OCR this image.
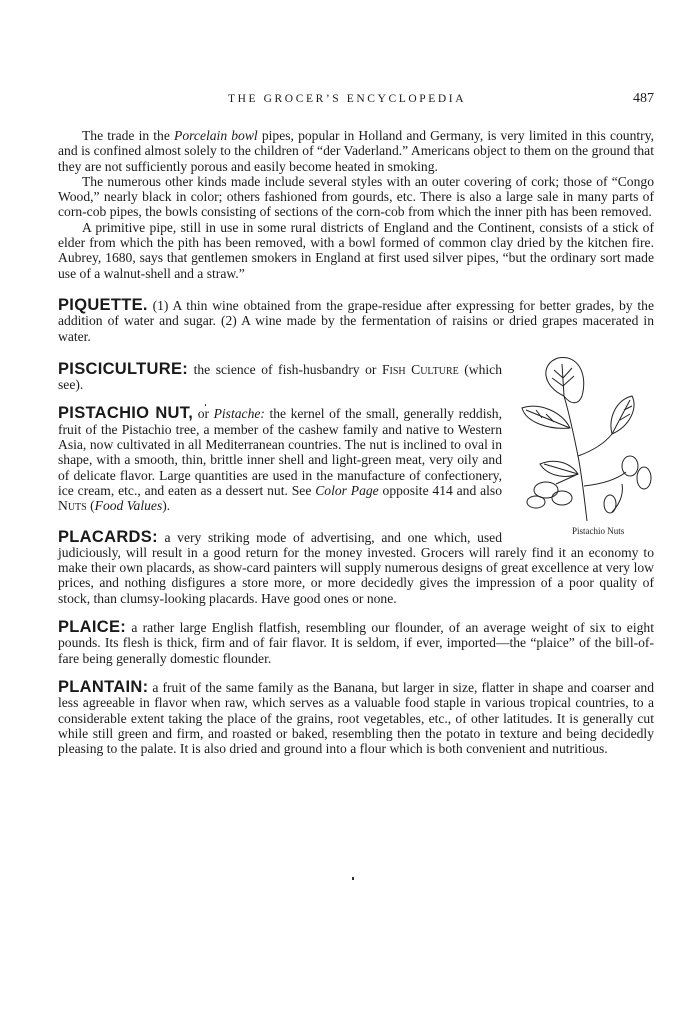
THE GROCER’S ENCYCLOPEDIA	487

The trade in the Porcelain bowl pipes, popular in Holland and Germany, is very limited in this country, and is confined almost solely to the children of “der Vaderland.” Americans object to them on the ground that they are not sufficiently porous and easily become heated in smoking.

The numerous other kinds made include several styles with an outer covering of cork; those of “Congo Wood,” nearly black in color; others fashioned from gourds, etc. There is also a large sale in many parts of corn-cob pipes, the bowls consisting of sections of the corn-cob from which the inner pith has been removed.

A primitive pipe, still in use in some rural districts of England and the Continent, consists of a stick of elder from which the pith has been removed, with a bowl formed of common clay dried by the kitchen fire. Aubrey, 1680, says that gentlemen smokers in England at first used silver pipes, “but the ordinary sort made use of a walnut-shell and a straw.”

PIQUETTE. (1) A thin wine obtained from the grape-residue after expressing for better grades, by the addition of water and sugar. (2) A wine made by the fermentation of raisins or dried grapes macerated in water.

Pistachio Nuts

PISCICULTURE: the science of fish-husbandry or Fish Culture (which see).

PISTACHIO NUT, or Pistache: the kernel of the small, generally reddish, fruit of the Pistachio tree, a member of the cashew family and native to Western Asia, now cultivated in all Mediterranean countries. The nut is inclined to oval in shape, with a smooth, thin, brittle inner shell and light-green meat, very oily and of delicate flavor. Large quantities are used in the manufacture of confectionery, ice cream, etc., and eaten as a dessert nut. See Color Page opposite 414 and also Nuts (Food Values).

PLACARDS: a very striking mode of advertising, and one which, used judiciously, will result in a good return for the money invested. Grocers will rarely find it an economy to make their own placards, as show-card painters will supply numerous designs of great excellence at very low prices, and nothing disfigures a store more, or more decidedly gives the impression of a poor quality of stock, than clumsy-looking placards. Have good ones or none.

PLAICE: a rather large English flatfish, resembling our flounder, of an average weight of six to eight pounds. Its flesh is thick, firm and of fair flavor. It is seldom, if ever, imported—the “plaice” of the bill-of-fare being generally domestic flounder.

PLANTAIN: a fruit of the same family as the Banana, but larger in size, flatter in shape and coarser and less agreeable in flavor when raw, which serves as a valuable food staple in various tropical countries, to a considerable extent taking the place of the grains, root vegetables, etc., of other latitudes. It is generally cut while still green and firm, and roasted or baked, resembling then the potato in texture and being decidedly pleasing to the palate. It is also dried and ground into a flour which is both convenient and nutritious.
